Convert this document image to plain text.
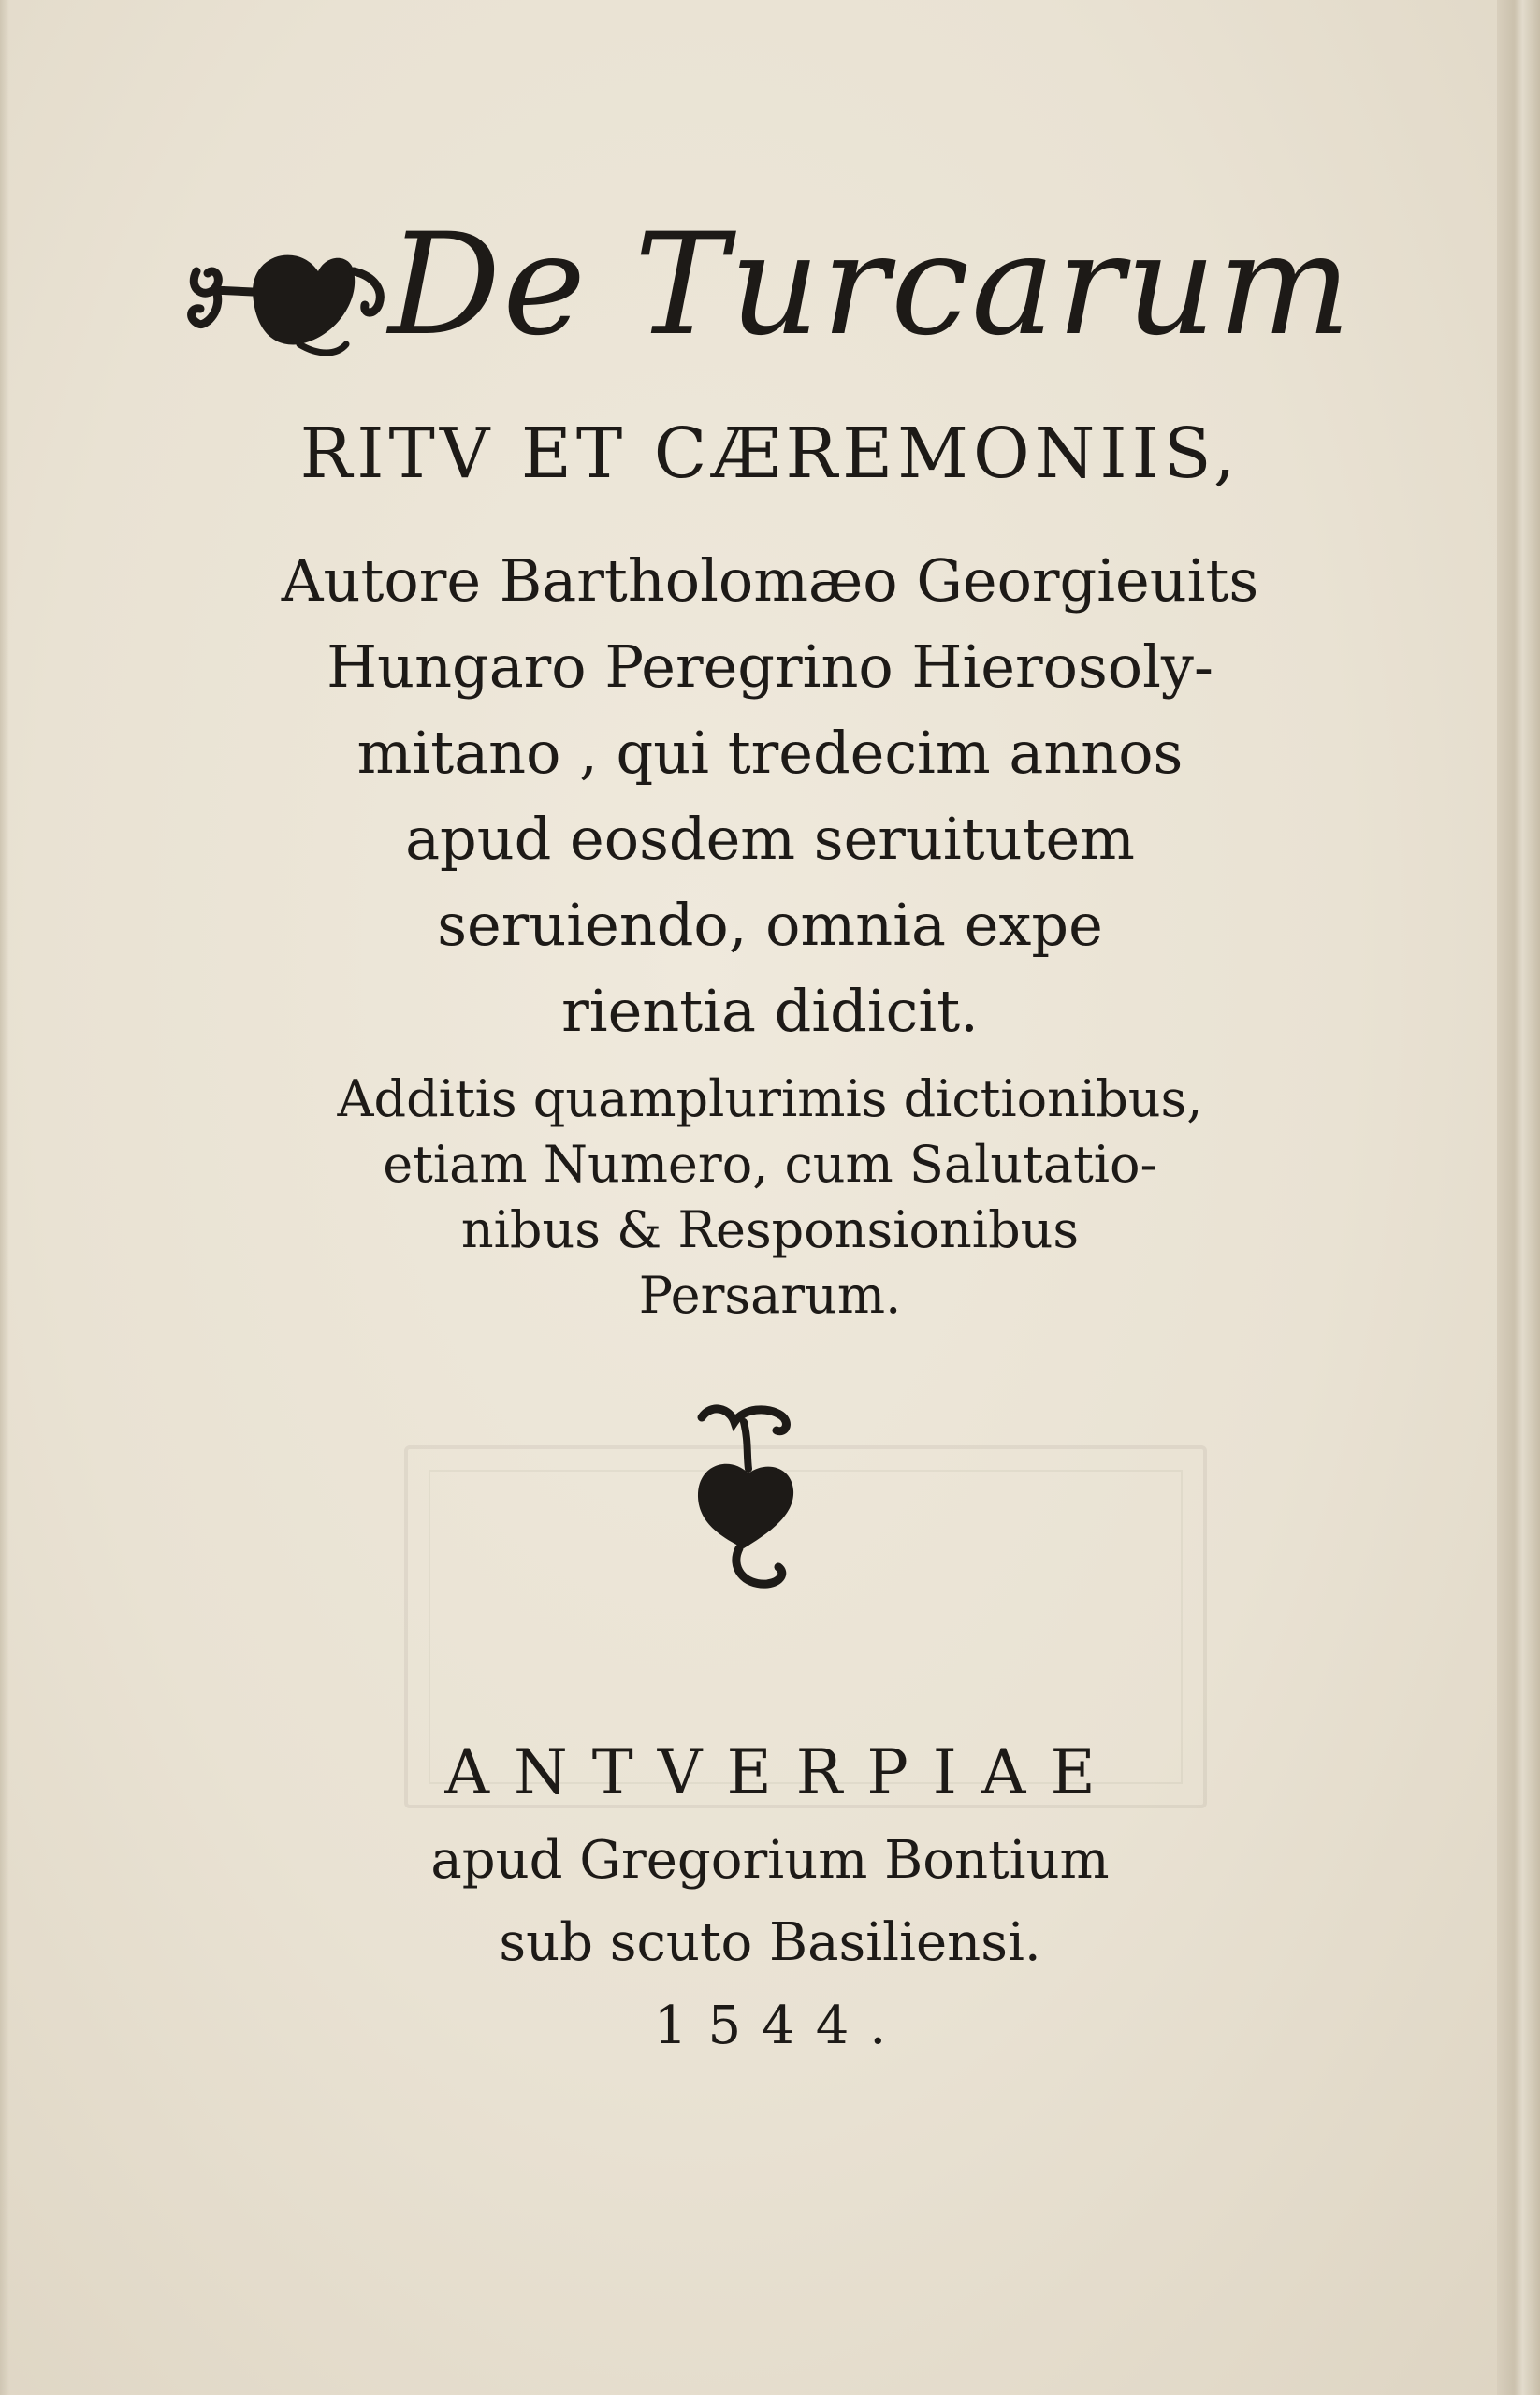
De Turcarum
RITV ET CÆREMONIIS,
Autore Bartholomæo Georgieuits
Hungaro Peregrino Hierosoly-
mitano , qui tredecim annos
apud eosdem seruitutem
seruiendo, omnia expe
rientia didicit.
Additis quamplurimis dictionibus,
etiam Numero, cum Salutatio-
nibus & Responsionibus
Persarum.
ANTVERPIAE
apud Gregorium Bontium
sub scuto Basiliensi.
1544.
